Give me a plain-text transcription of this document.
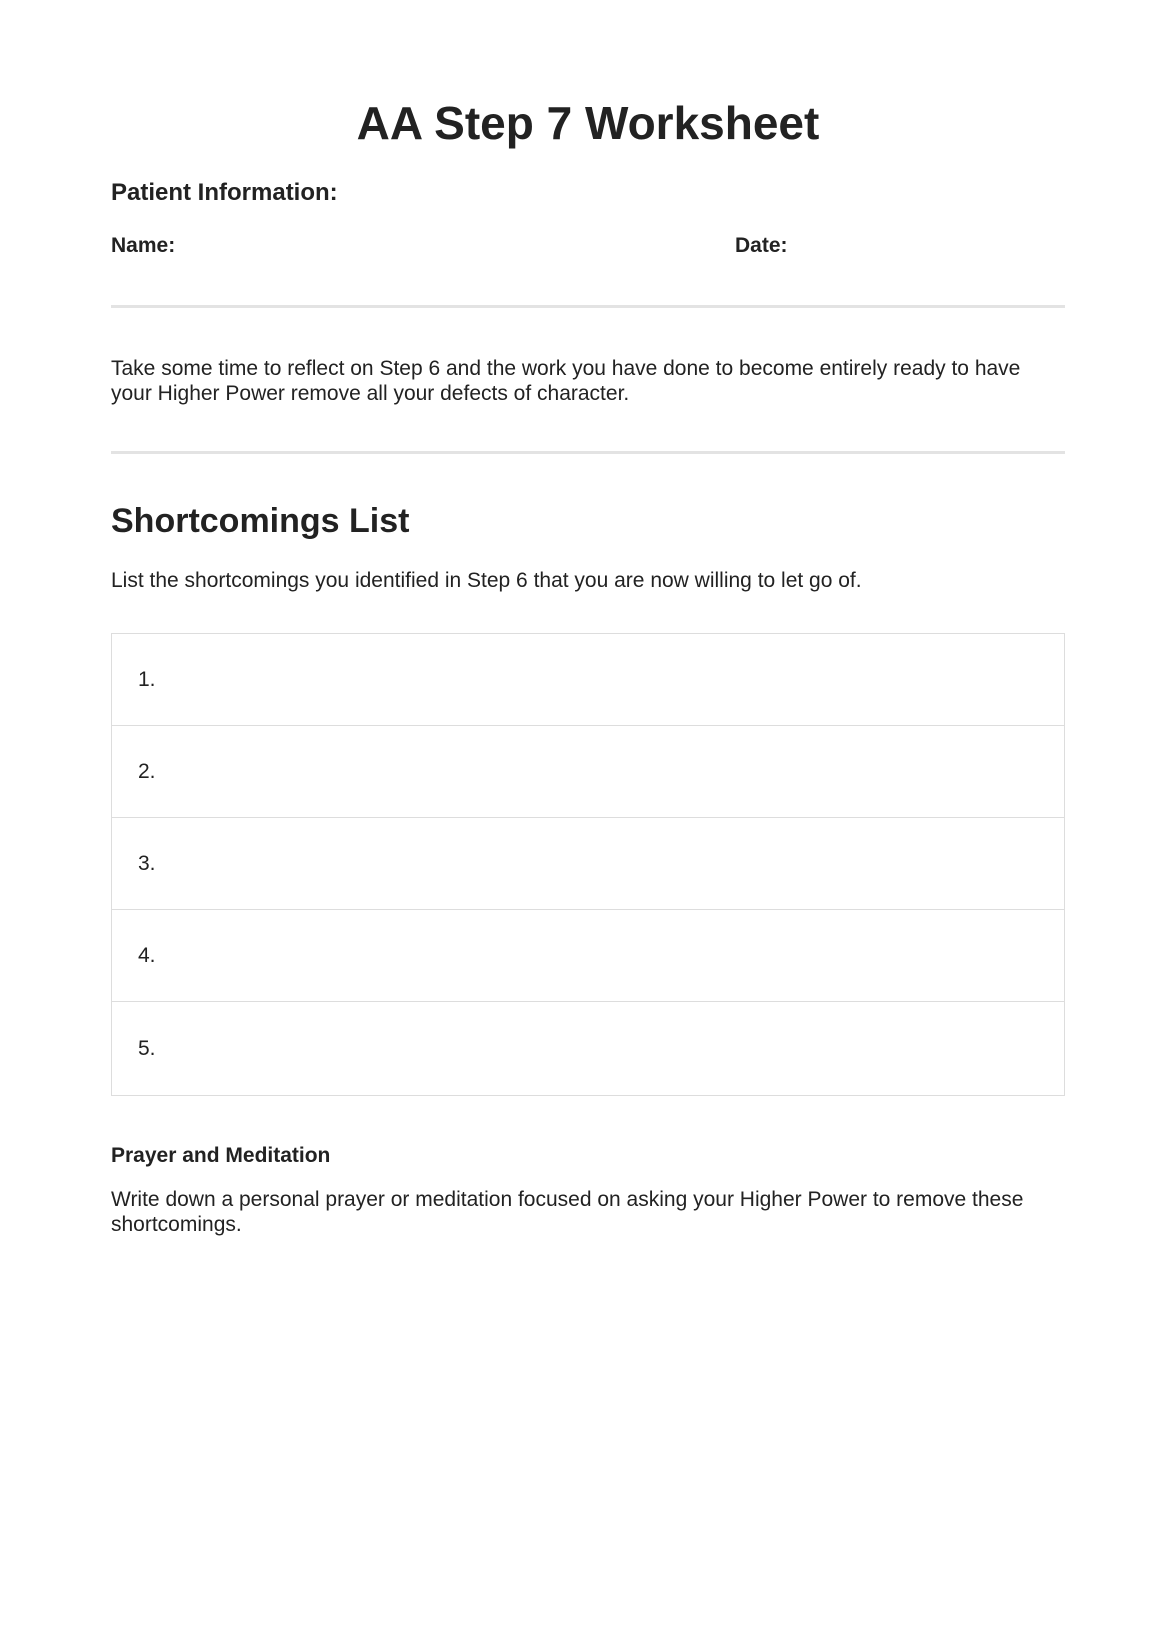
AA Step 7 Worksheet
Patient Information:
Name:	Date:

Take some time to reflect on Step 6 and the work you have done to become entirely ready to have your Higher Power remove all your defects of character.

Shortcomings List

List the shortcomings you identified in Step 6 that you are now willing to let go of.

1.
2.
3.
4.
5.
Prayer and Meditation

Write down a personal prayer or meditation focused on asking your Higher Power to remove these shortcomings.
